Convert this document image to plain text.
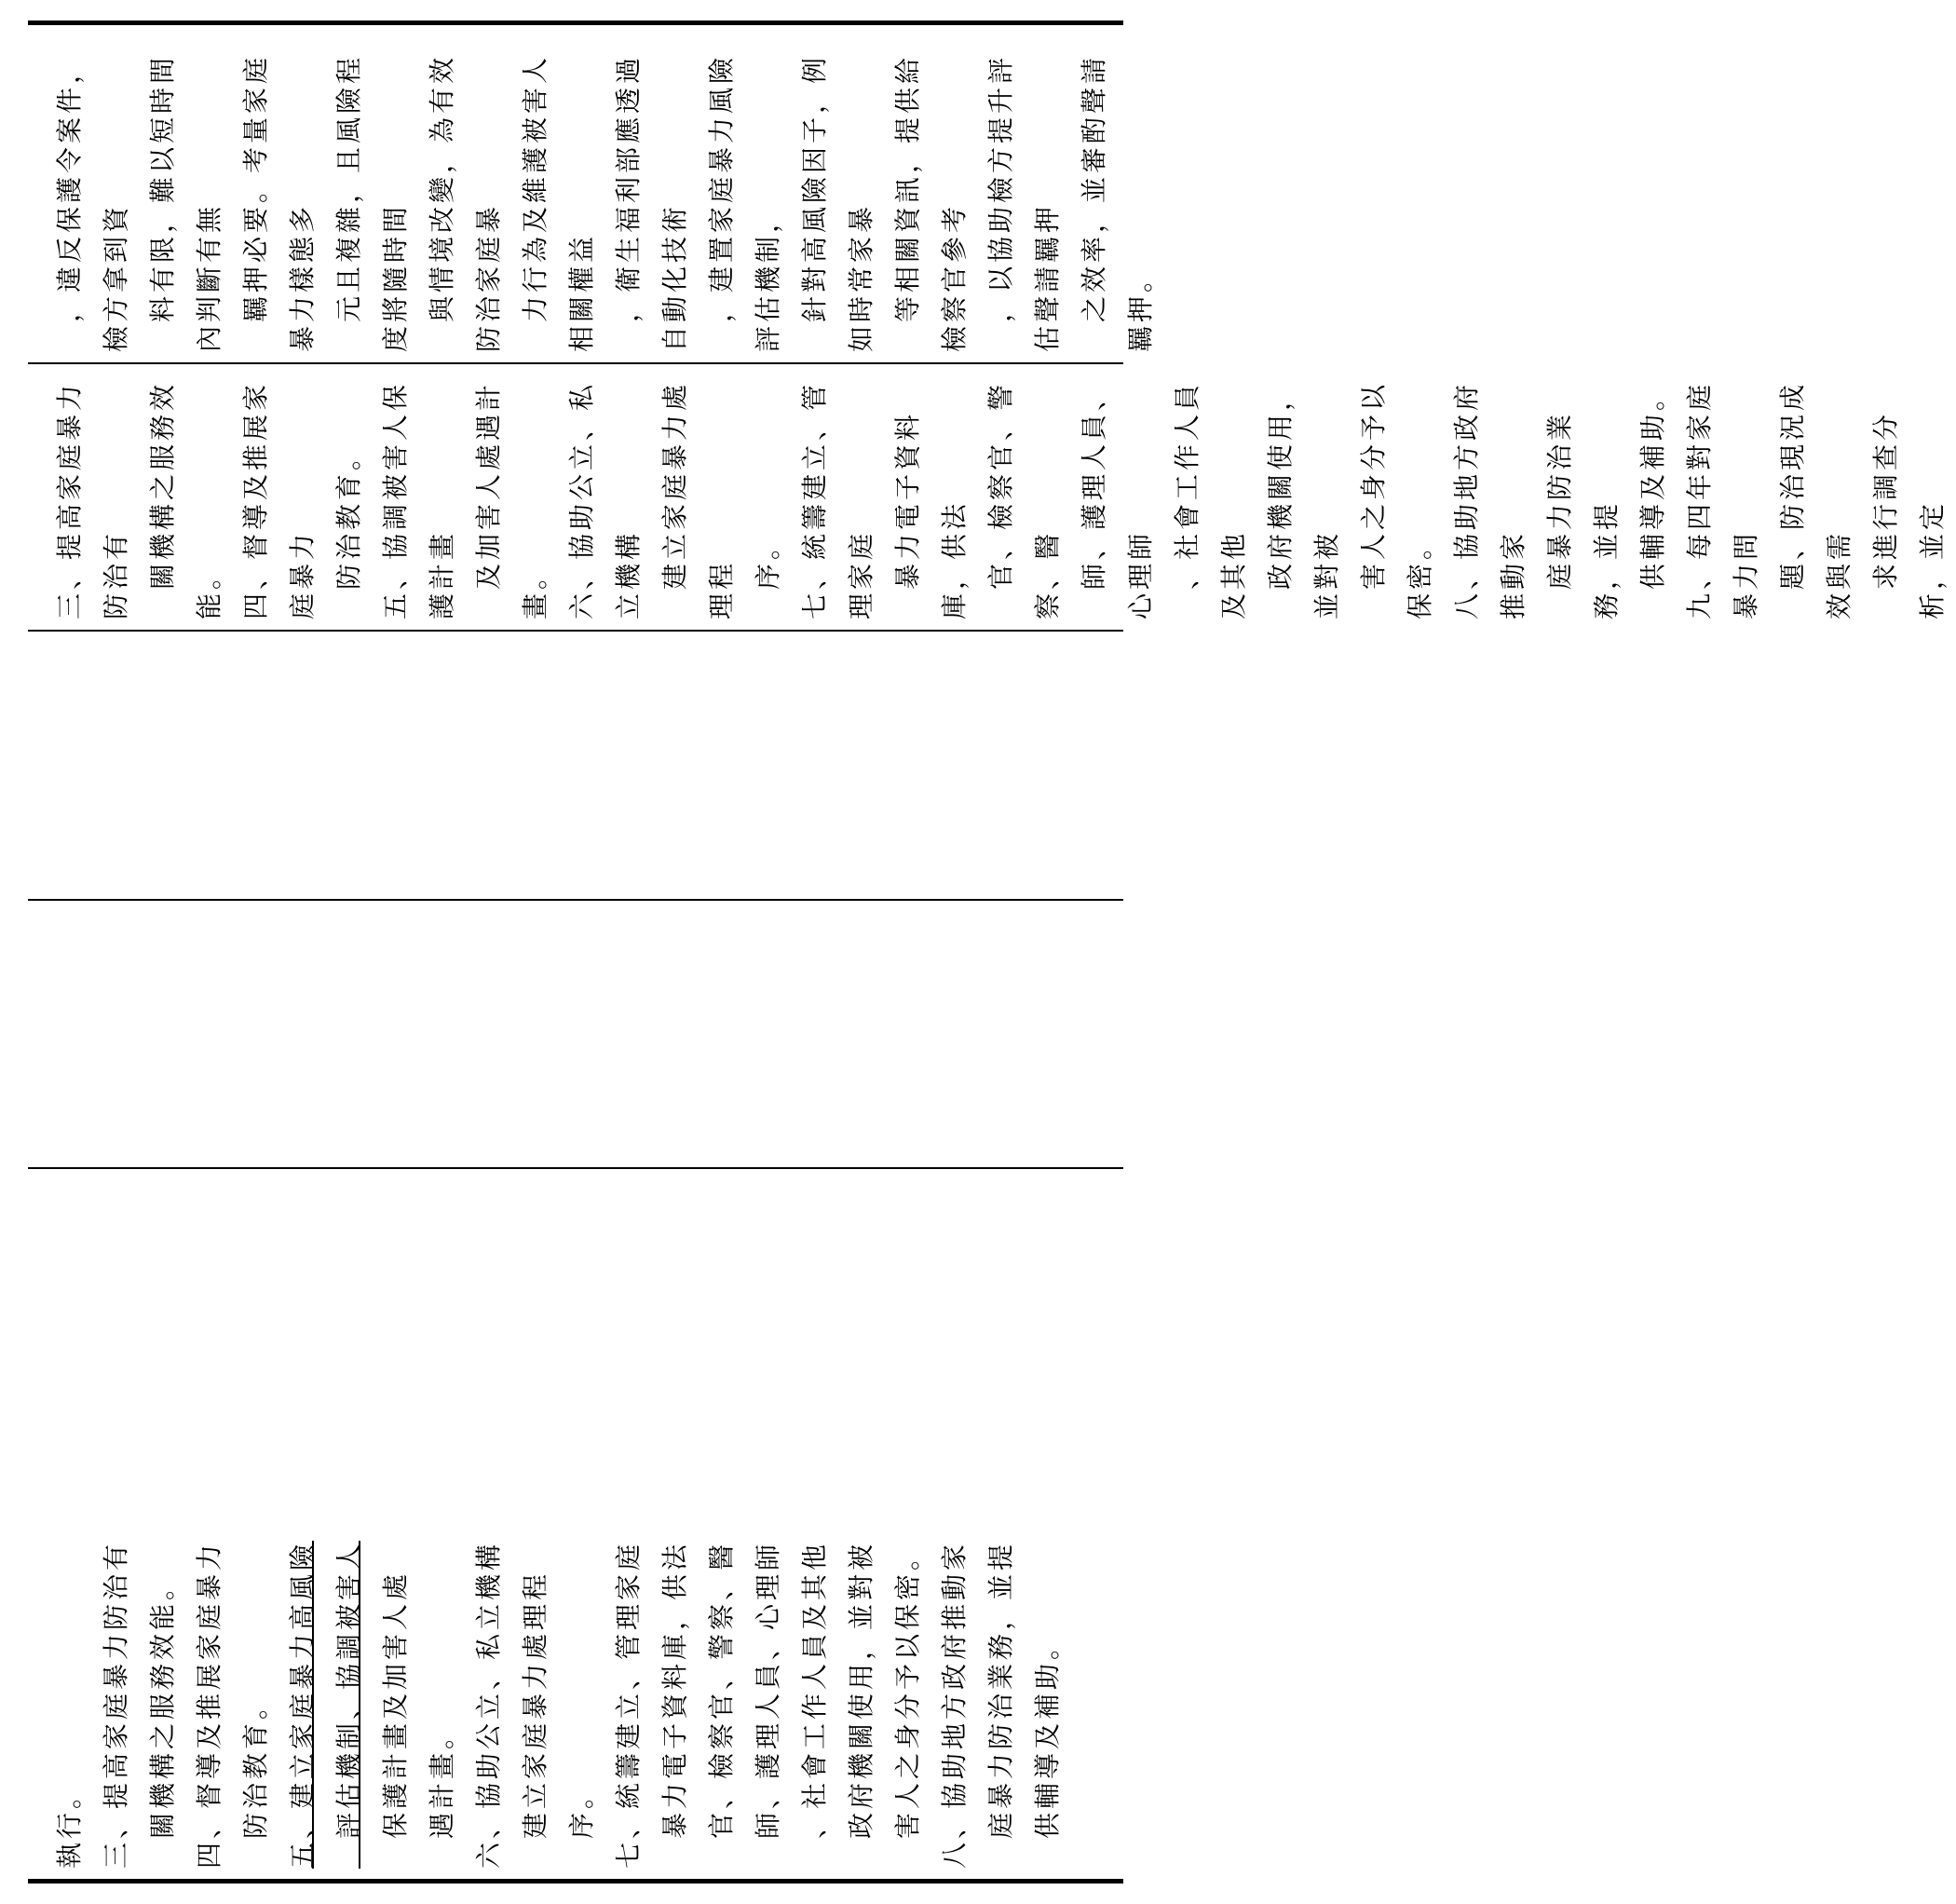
　，違反保護令案件，檢方拿到資 　料有限，難以短時間內判斷有無 　羈押必要。考量家庭暴力樣態多 　元且複雜，且風險程度將隨時間 　與情境改變，為有效防治家庭暴 　力行為及維護被害人相關權益 　，衛生福利部應透過自動化技術 　，建置家庭暴力風險評估機制， 　針對高風險因子，例如時常家暴 　等相關資訊，提供給檢察官參考 　，以協助檢方提升評估聲請羈押 　之效率，並審酌聲請羈押。

三、提高家庭暴力防治有 　關機構之服務效能。 四、督導及推展家庭暴力 　防治教育。 五、協調被害人保護計畫 　及加害人處遇計畫。 六、協助公立、私立機構 　建立家庭暴力處理程 　序。 七、統籌建立、管理家庭 　暴力電子資料庫，供法 　官、檢察官、警察、醫 　師、護理人員、心理師 　、社會工作人員及其他 　政府機關使用，並對被 　害人之身分予以保密。 八、協助地方政府推動家 　庭暴力防治業務，並提 　供輔導及補助。 九、每四年對家庭暴力問 　題、防治現況成效與需 　求進行調查分析，並定

執行。 三、提高家庭暴力防治有 　關機構之服務效能。 四、督導及推展家庭暴力 　防治教育。 五、建立家庭暴力高風險 　評估機制、協調被害人 　保護計畫及加害人處 　遇計畫。 六、協助公立、私立機構 　建立家庭暴力處理程 　序。 七、統籌建立、管理家庭 　暴力電子資料庫，供法 　官、檢察官、警察、醫 　師、護理人員、心理師 　、社會工作人員及其他 　政府機關使用，並對被 　害人之身分予以保密。 八、協助地方政府推動家 　庭暴力防治業務，並提 　供輔導及補助。
